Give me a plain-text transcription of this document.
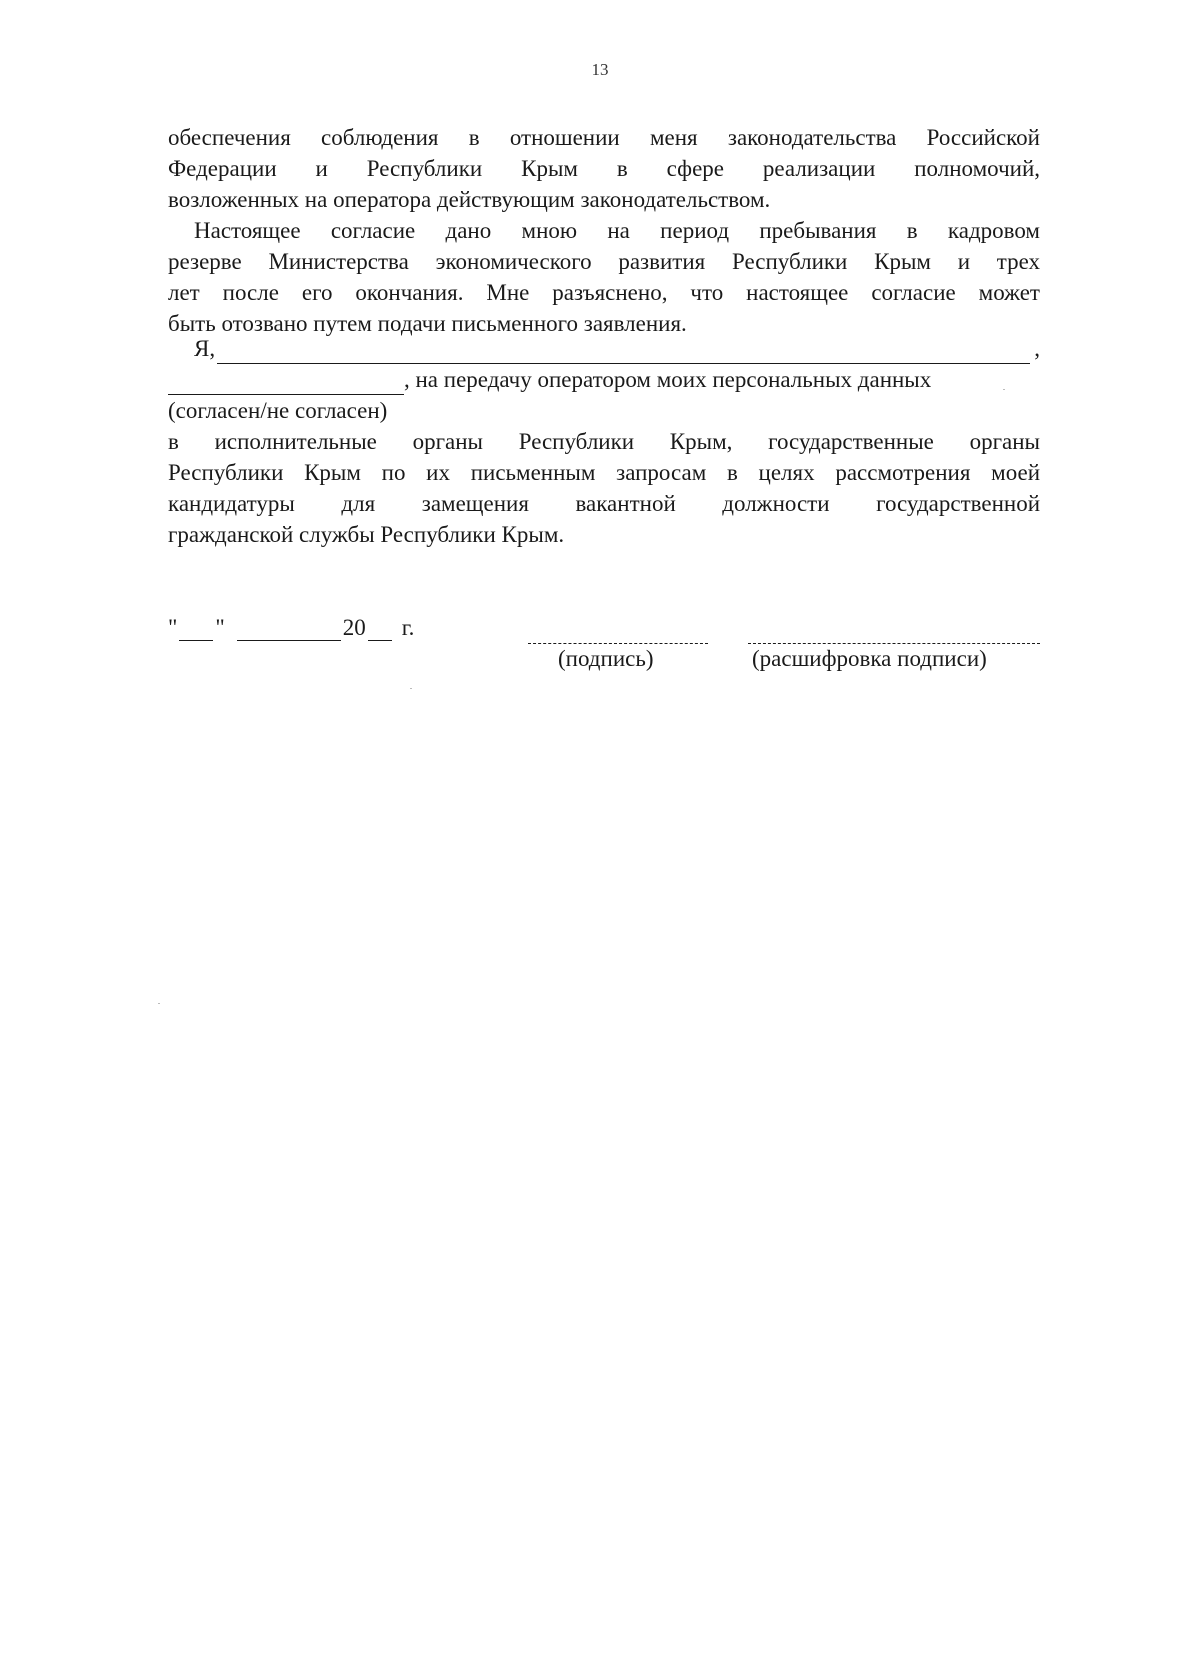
13
обеспечения соблюдения в отношении меня законодательства Российской
Федерации и Республики Крым в сфере реализации полномочий,
возложенных на оператора действующим законодательством.
Настоящее согласие дано мною на период пребывания в кадровом
резерве Министерства экономического развития Республики Крым и трех
лет после его окончания. Мне разъяснено, что настоящее согласие может
быть отозвано путем подачи письменного заявления.
Я,	,
, на передачу оператором моих персональных данных
(согласен/не согласен)
в исполнительные органы Республики Крым, государственные органы
Республики Крым по их письменным запросам в целях рассмотрения моей
кандидатуры для замещения вакантной должности государственной
гражданской службы Республики Крым.
" "	20 г.
(подпись)	(расшифровка подписи)
